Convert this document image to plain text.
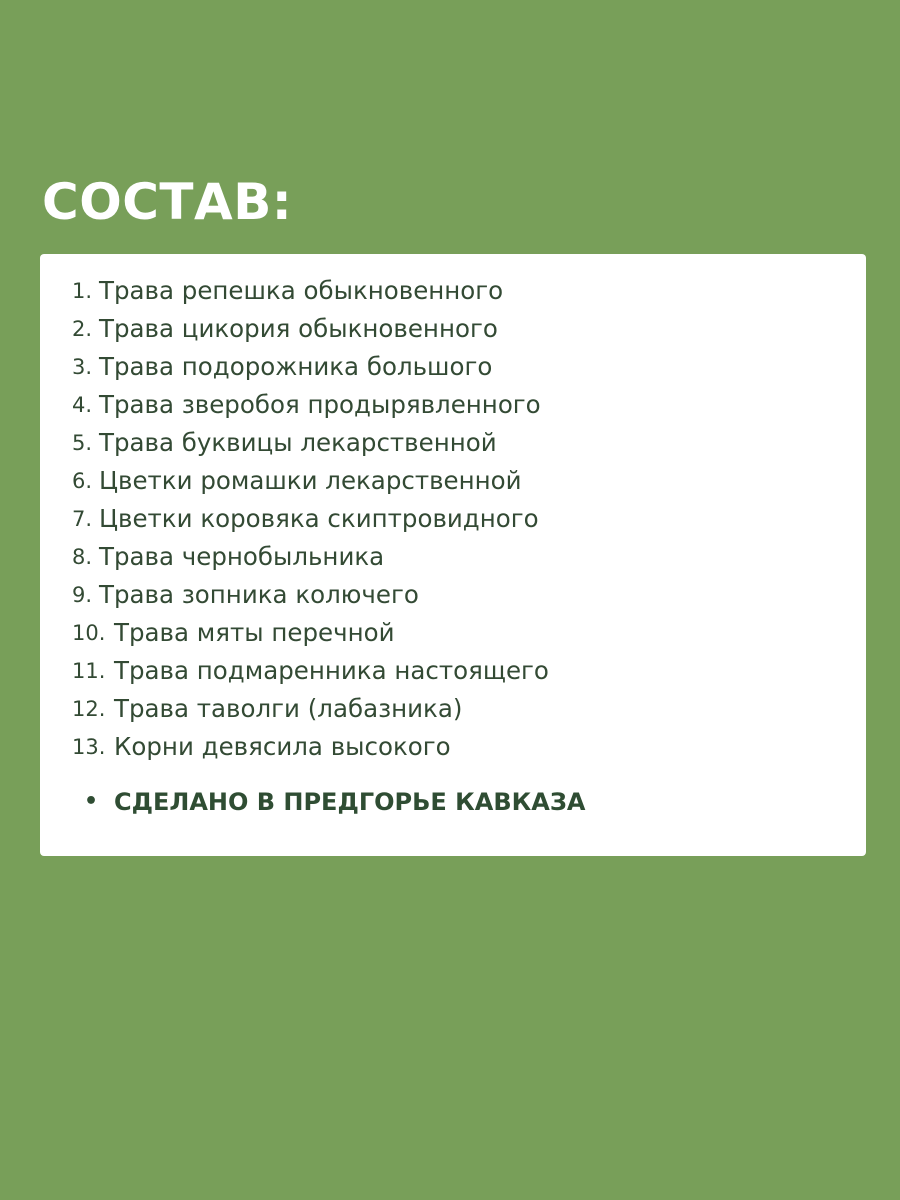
СОСТАВ:
1. Трава репешка обыкновенного
2. Трава цикория обыкновенного
3. Трава подорожника большого
4. Трава зверобоя продырявленного
5. Трава буквицы лекарственной
6. Цветки ромашки лекарственной
7. Цветки коровяка скиптровидного
8. Трава чернобыльника
9. Трава зопника колючего
10. Трава мяты перечной
11. Трава подмаренника настоящего
12. Трава таволги (лабазника)
13. Корни девясила высокого
• СДЕЛАНО В ПРЕДГОРЬЕ КАВКАЗА
